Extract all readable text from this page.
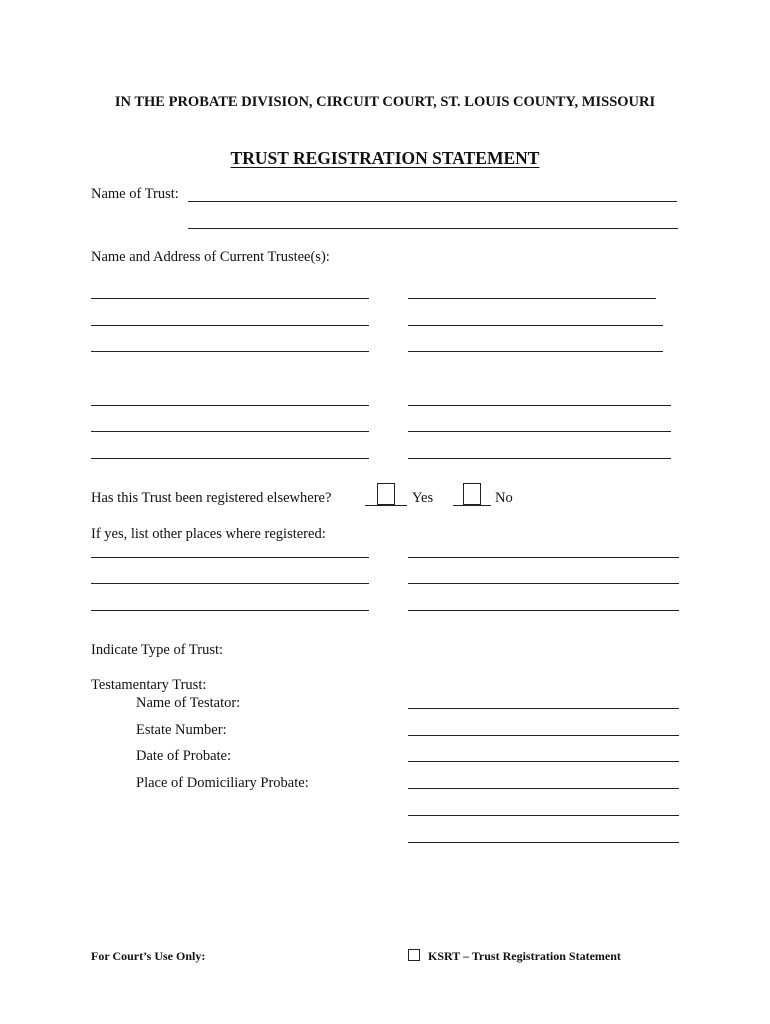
IN THE PROBATE DIVISION, CIRCUIT COURT, ST. LOUIS COUNTY, MISSOURI
TRUST REGISTRATION STATEMENT
Name of Trust:
Name and Address of Current Trustee(s):
Has this Trust been registered elsewhere?	Yes	No
If yes, list other places where registered:
Indicate Type of Trust:
Testamentary Trust:
Name of Testator:
Estate Number:
Date of Probate:
Place of Domiciliary Probate:
For Court’s Use Only:	KSRT – Trust Registration Statement
